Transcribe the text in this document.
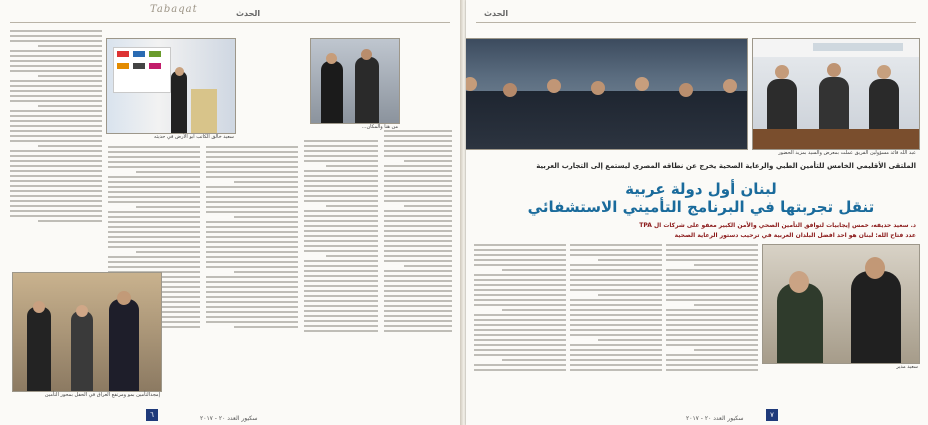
الحدث
Tabaqat
سعيد خالق الكاتب ابو الأرض في حديثه
من هنا والمكان...
إمجدالتأمين بمو ومرتفع العراق في الحفل بمحور التأمين
سكيور العدد ٢٠ - ٢٠١٧
٦
الحدث
عبد الله قائد مسؤولين الفريق عملت بمعرض والسيد بمزيد الحضور
الملتقى الأقليمي الخامس للتأمين الطبي والرعاية الصحية يخرج عن نطاقه المصري ليستمع إلى التجارب العربية
لبنان أول دولة عربية
تنقل تجربتها في البرنامج التأميني الاستشفائي
د. سعيد حديفه، خمس إيجابيات لتوافق التأمين الصحي والأمن الكبير معفو على شركات ال TPA
عدد فتاح الله: لبنان هو احد افضل البلدان العربية في ترحيب دستور الرعاية الصحية
سعيد مدير
سكيور العدد ٢٠ - ٢٠١٧	٧
